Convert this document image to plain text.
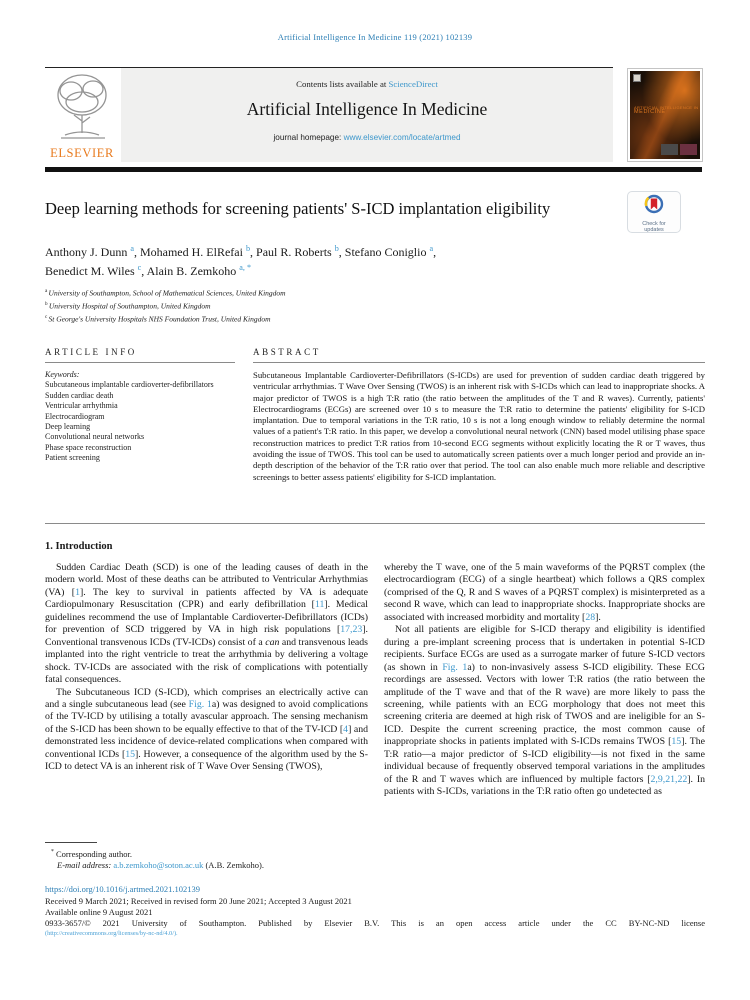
Artificial Intelligence In Medicine 119 (2021) 102139
Contents lists available at ScienceDirect
Artificial Intelligence In Medicine
journal homepage: www.elsevier.com/locate/artmed
ELSEVIER
ARTIFICIAL INTELLIGENCE IN
MEDICINE
Check for
updates
Deep learning methods for screening patients' S-ICD implantation eligibility
Anthony J. Dunn $^a$, Mohamed H. ElRefai $^b$, Paul R. Roberts $^b$, Stefano Coniglio $^a$,
Benedict M. Wiles $^c$, Alain B. Zemkoho $^{a, *}$
$^a$ University of Southampton, School of Mathematical Sciences, United Kingdom
$^b$ University Hospital of Southampton, United Kingdom
$^c$ St George's University Hospitals NHS Foundation Trust, United Kingdom
ARTICLE INFO
Keywords:
Subcutaneous implantable cardioverter-defibrillators
Sudden cardiac death
Ventricular arrhythmia
Electrocardiogram
Deep learning
Convolutional neural networks
Phase space reconstruction
Patient screening
ABSTRACT
Subcutaneous Implantable Cardioverter-Defibrillators (S-ICDs) are used for prevention of sudden cardiac death triggered by ventricular arrhythmias. T Wave Over Sensing (TWOS) is an inherent risk with S-ICDs which can lead to inappropriate shocks. A major predictor of TWOS is a high T:R ratio (the ratio between the amplitudes of the T and R waves). Currently, patients' Electrocardiograms (ECGs) are screened over 10 s to measure the T:R ratio to determine the patients' eligibility for S-ICD implantation. Due to temporal variations in the T:R ratio, 10 s is not a long enough window to reliably determine the normal values of a patient's T:R ratio. In this paper, we develop a convolutional neural network (CNN) based model utilising phase space reconstruction matrices to predict T:R ratios from 10-second ECG segments without explicitly locating the R or T waves, thus avoiding the issue of TWOS. This tool can be used to automatically screen patients over a much longer period and provide an in-depth description of the behavior of the T:R ratio over that period. The tool can also enable much more reliable and descriptive screenings to better assess patients' eligibility for S-ICD implantation.
1. Introduction

Sudden Cardiac Death (SCD) is one of the leading causes of death in the modern world. Most of these deaths can be attributed to Ventricular Arrhythmias (VA) [1]. The key to survival in patients affected by VA is adequate Cardiopulmonary Resuscitation (CPR) and early defibrillation [11]. Medical guidelines recommend the use of Implantable Cardioverter-Defibrillators (ICDs) for prevention of SCD triggered by VA in high risk populations [17,23]. Conventional transvenous ICDs (TV-ICDs) consist of a can and transvenous leads implanted into the right ventricle to treat the arrhythmia by delivering a voltage shock. TV-ICDs are associated with the risk of complications with potentially fatal consequences.

The Subcutaneous ICD (S-ICD), which comprises an electrically active can and a single subcutaneous lead (see Fig. 1a) was designed to avoid complications of the TV-ICD by utilising a totally avascular approach. The sensing mechanism of the S-ICD has been shown to be equally effective to that of the TV-ICD [4] and demonstrated less incidence of device-related complications when compared with conventional ICDs [15]. However, a consequence of the algorithm used by the S-ICD to detect VA is an inherent risk of T Wave Over Sensing (TWOS),

whereby the T wave, one of the 5 main waveforms of the PQRST complex (the electrocardiogram (ECG) of a single heartbeat) which follows a QRS complex (comprised of the Q, R and S waves of a PQRST complex) is misinterpreted as a second R wave, which can lead to inappropriate shocks. Inappropriate shocks are associated with increased morbidity and mortality [28].

Not all patients are eligible for S-ICD therapy and eligibility is identified during a pre-implant screening process that is undertaken in potential S-ICD recipients. Surface ECGs are used as a surrogate marker of future S-ICD vectors (as shown in Fig. 1a) to non-invasively assess S-ICD eligibility. These ECG recordings are assessed. Vectors with lower T:R ratios (the ratio between the amplitude of the T wave and that of the R wave) are more likely to pass the screening, while patients with an ECG morphology that does not meet this screening criteria are deemed at high risk of TWOS and are ineligible for an S-ICD. Despite the current screening practice, the most common cause of inappropriate shocks in patients implated with S-ICDs remains TWOS [15]. The T:R ratio—a major predictor of S-ICD eligibility—is not fixed in the same individual because of frequently observed temporal variations in the amplitudes of the R and T waves which are influenced by multiple factors [2,9,21,22]. In patients with S-ICDs, variations in the T:R ratio often go undetected as

* Corresponding author.
E-mail address: a.b.zemkoho@soton.ac.uk (A.B. Zemkoho).
https://doi.org/10.1016/j.artmed.2021.102139
Received 9 March 2021; Received in revised form 20 June 2021; Accepted 3 August 2021
Available online 9 August 2021
0933-3657/© 2021 University of Southampton. Published by Elsevier B.V. This is an open access article under the CC BY-NC-ND license
(http://creativecommons.org/licenses/by-nc-nd/4.0/).
